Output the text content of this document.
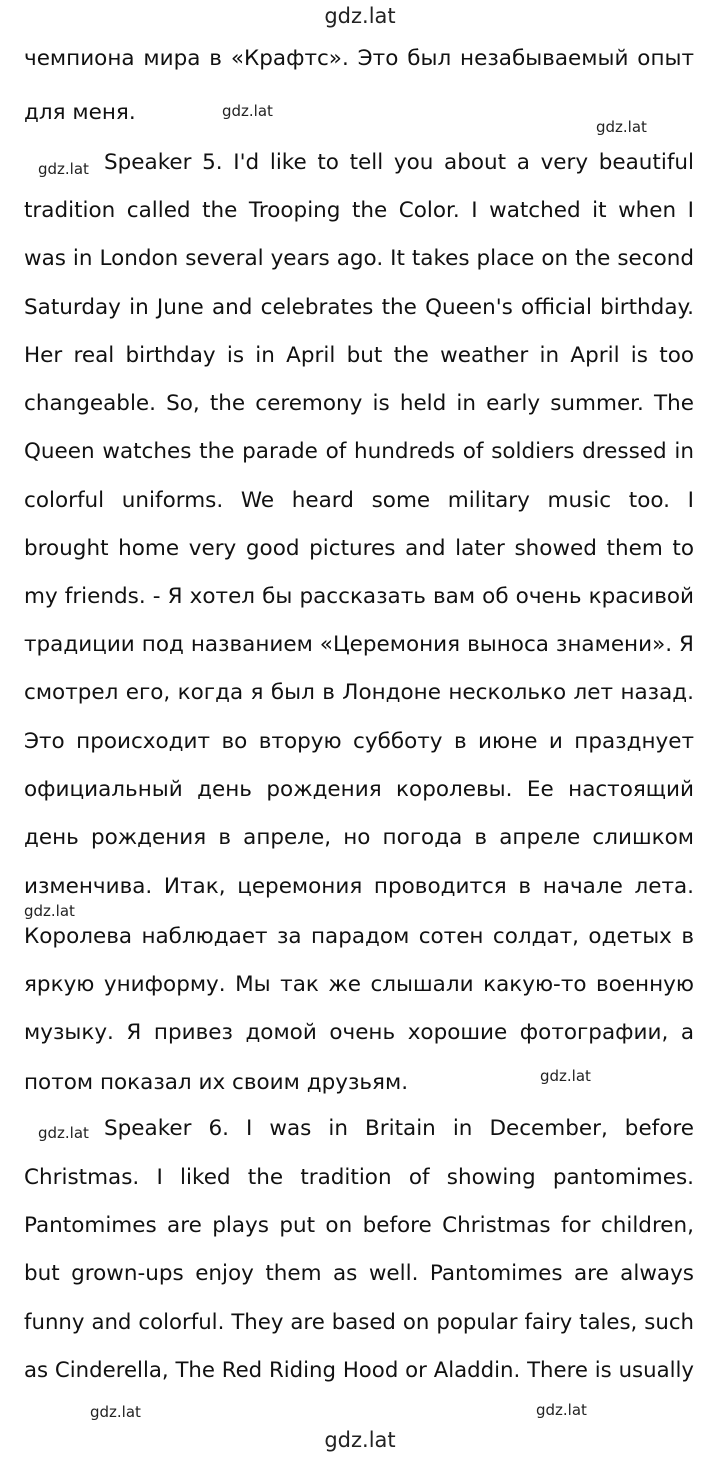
gdz.lat
gdz.lat
gdz.lat
gdz.lat
gdz.lat
gdz.lat
gdz.lat
gdz.lat	gdz.lat
gdz.lat
чемпиона мира в «Крафтс». Это был незабываемый опыт
для меня.
Speaker 5. I'd like to tell you about a very beautiful
tradition called the Trooping the Color. I watched it when I
was in London several years ago. It takes place on the second
Saturday in June and celebrates the Queen's official birthday.
Her real birthday is in April but the weather in April is too
changeable. So, the ceremony is held in early summer. The
Queen watches the parade of hundreds of soldiers dressed in
colorful uniforms. We heard some military music too. I
brought home very good pictures and later showed them to
my friends. - Я хотел бы рассказать вам об очень красивой
традиции под названием «Церемония выноса знамени». Я
смотрел его, когда я был в Лондоне несколько лет назад.
Это происходит во вторую субботу в июне и празднует
официальный день рождения королевы. Ее настоящий
день рождения в апреле, но погода в апреле слишком
изменчива. Итак, церемония проводится в начале лета.
Королева наблюдает за парадом сотен солдат, одетых в
яркую униформу. Мы так же слышали какую-то военную
музыку. Я привез домой очень хорошие фотографии, а
потом показал их своим друзьям.
Speaker 6. I was in Britain in December, before
Christmas. I liked the tradition of showing pantomimes.
Pantomimes are plays put on before Christmas for children,
but grown-ups enjoy them as well. Pantomimes are always
funny and colorful. They are based on popular fairy tales, such
as Cinderella, The Red Riding Hood or Aladdin. There is usually
